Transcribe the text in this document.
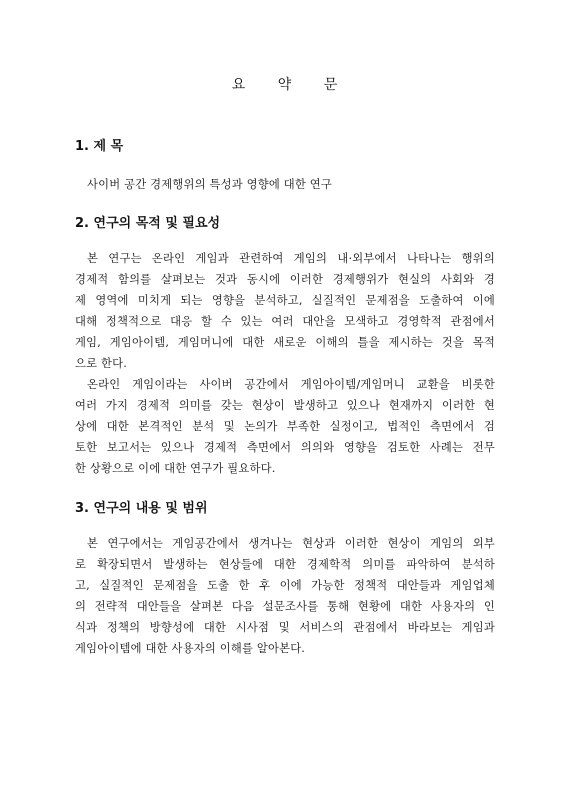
요 약 문
1. 제 목
사이버 공간 경제행위의 특성과 영향에 대한 연구
2. 연구의 목적 및 필요성
본 연구는 온라인 게임과 관련하여 게임의 내·외부에서 나타나는 행위의
경제적 함의를 살펴보는 것과 동시에 이러한 경제행위가 현실의 사회와 경
제 영역에 미치게 되는 영향을 분석하고, 실질적인 문제점을 도출하여 이에
대해 정책적으로 대응 할 수 있는 여러 대안을 모색하고 경영학적 관점에서
게임, 게임아이템, 게임머니에 대한 새로운 이해의 틀을 제시하는 것을 목적
으로 한다.
온라인 게임이라는 사이버 공간에서 게임아이템/게임머니 교환을 비롯한
여러 가지 경제적 의미를 갖는 현상이 발생하고 있으나 현재까지 이러한 현
상에 대한 본격적인 분석 및 논의가 부족한 실정이고, 법적인 측면에서 검
토한 보고서는 있으나 경제적 측면에서 의의와 영향을 검토한 사례는 전무
한 상황으로 이에 대한 연구가 필요하다.
3. 연구의 내용 및 범위
본 연구에서는 게임공간에서 생겨나는 현상과 이러한 현상이 게임의 외부
로 확장되면서 발생하는 현상들에 대한 경제학적 의미를 파악하여 분석하
고, 실질적인 문제점을 도출 한 후 이에 가능한 정책적 대안들과 게임업체
의 전략적 대안들을 살펴본 다음 설문조사를 통해 현황에 대한 사용자의 인
식과 정책의 방향성에 대한 시사점 및 서비스의 관점에서 바라보는 게임과
게임아이템에 대한 사용자의 이해를 알아본다.
